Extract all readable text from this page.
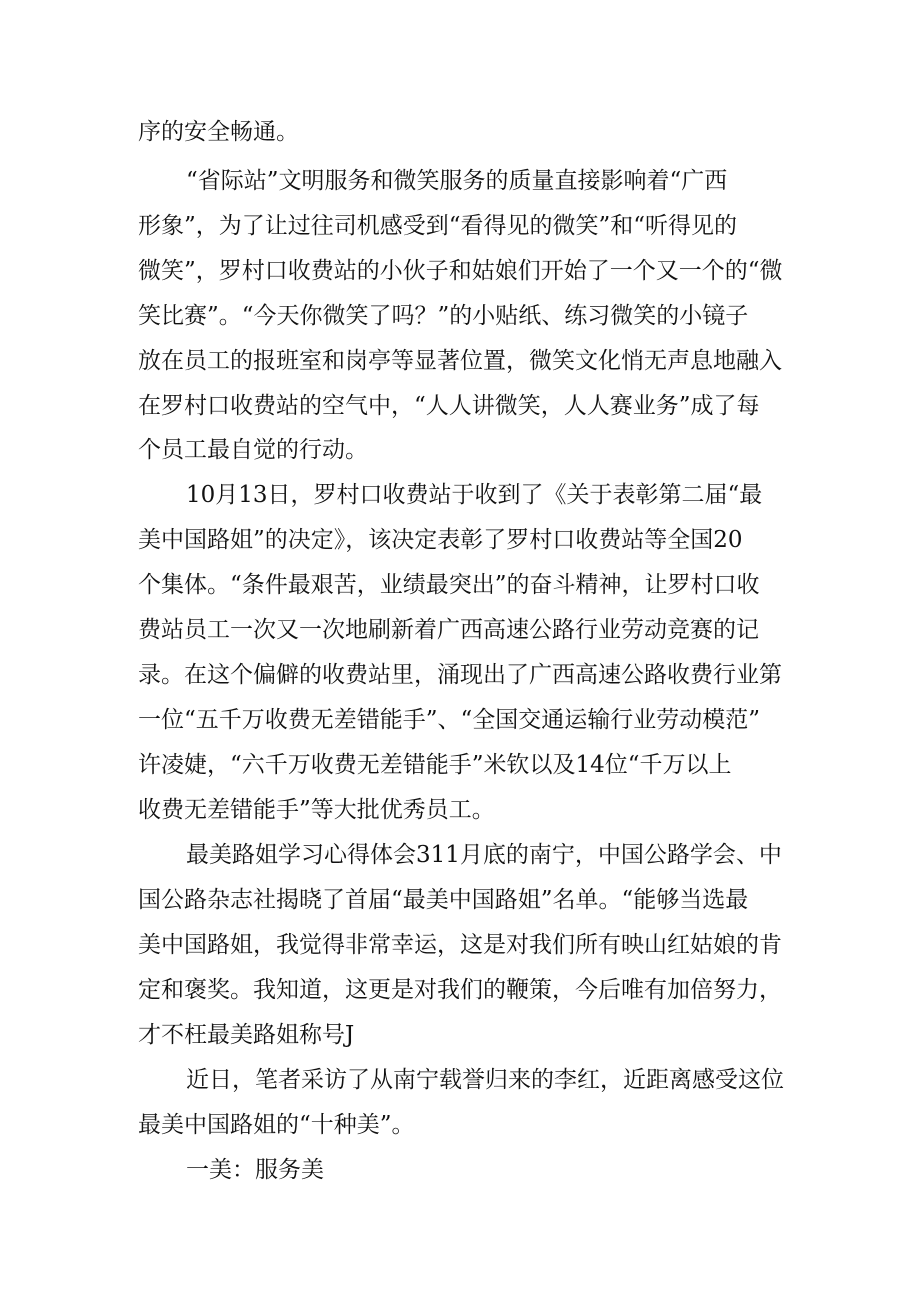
序的安全畅通。
“省际站”文明服务和微笑服务的质量直接影响着“广西
形象”，为了让过往司机感受到“看得见的微笑”和“听得见的
微笑”，罗村口收费站的小伙子和姑娘们开始了一个又一个的“微
笑比赛”。“今天你微笑了吗？”的小贴纸、练习微笑的小镜子
放在员工的报班室和岗亭等显著位置，微笑文化悄无声息地融入
在罗村口收费站的空气中，“人人讲微笑，人人赛业务”成了每
个员工最自觉的行动。
10月13日，罗村口收费站于收到了《关于表彰第二届“最
美中国路姐”的决定》，该决定表彰了罗村口收费站等全国20
个集体。“条件最艰苦，业绩最突出”的奋斗精神，让罗村口收
费站员工一次又一次地刷新着广西高速公路行业劳动竞赛的记
录。在这个偏僻的收费站里，涌现出了广西高速公路收费行业第
一位“五千万收费无差错能手”、“全国交通运输行业劳动模范”
许凌婕，“六千万收费无差错能手”米钦以及14位“千万以上
收费无差错能手”等大批优秀员工。
最美路姐学习心得体会311月底的南宁，中国公路学会、中
国公路杂志社揭晓了首届“最美中国路姐”名单。“能够当选最
美中国路姐，我觉得非常幸运，这是对我们所有映山红姑娘的肯
定和褒奖。我知道，这更是对我们的鞭策，今后唯有加倍努力，
才不枉最美路姐称号J
近日，笔者采访了从南宁载誉归来的李红，近距离感受这位
最美中国路姐的“十种美”。
一美：服务美
